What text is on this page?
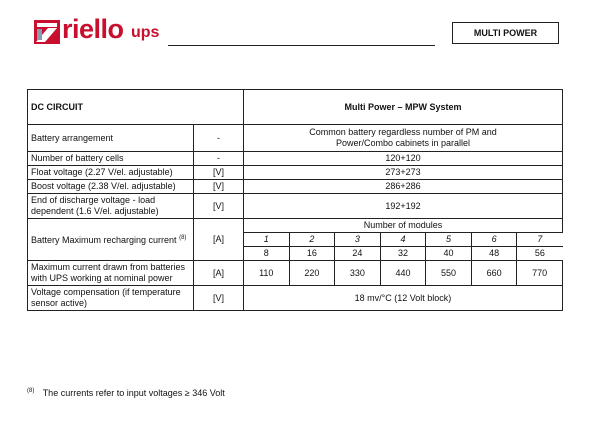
riello ups	MULTI POWER
DC CIRCUIT		Multi Power – MPW System						
Battery arrangement	-	Common battery regardless number of PM and Power/Combo cabinets in parallel						
Number of battery cells	-	120+120						
Float voltage (2.27 V/el. adjustable)	[V]	273+273						
Boost voltage (2.38 V/el. adjustable)	[V]	286+286						
End of discharge voltage - load dependent (1.6 V/el. adjustable)	[V]	192+192						
Battery Maximum recharging current $^{(8)}$	[A]	Number of modules						
		1	2	3	4	5	6	7
		8	16	24	32	40	48	56
Maximum current drawn from batteries with UPS working at nominal power	[A]	110	220	330	440	550	660	770
Voltage compensation (if temperature sensor active)	[V]	18 mv/°C (12 Volt block)						
$^{(8)}$ The currents refer to input voltages ≥ 346 Volt
